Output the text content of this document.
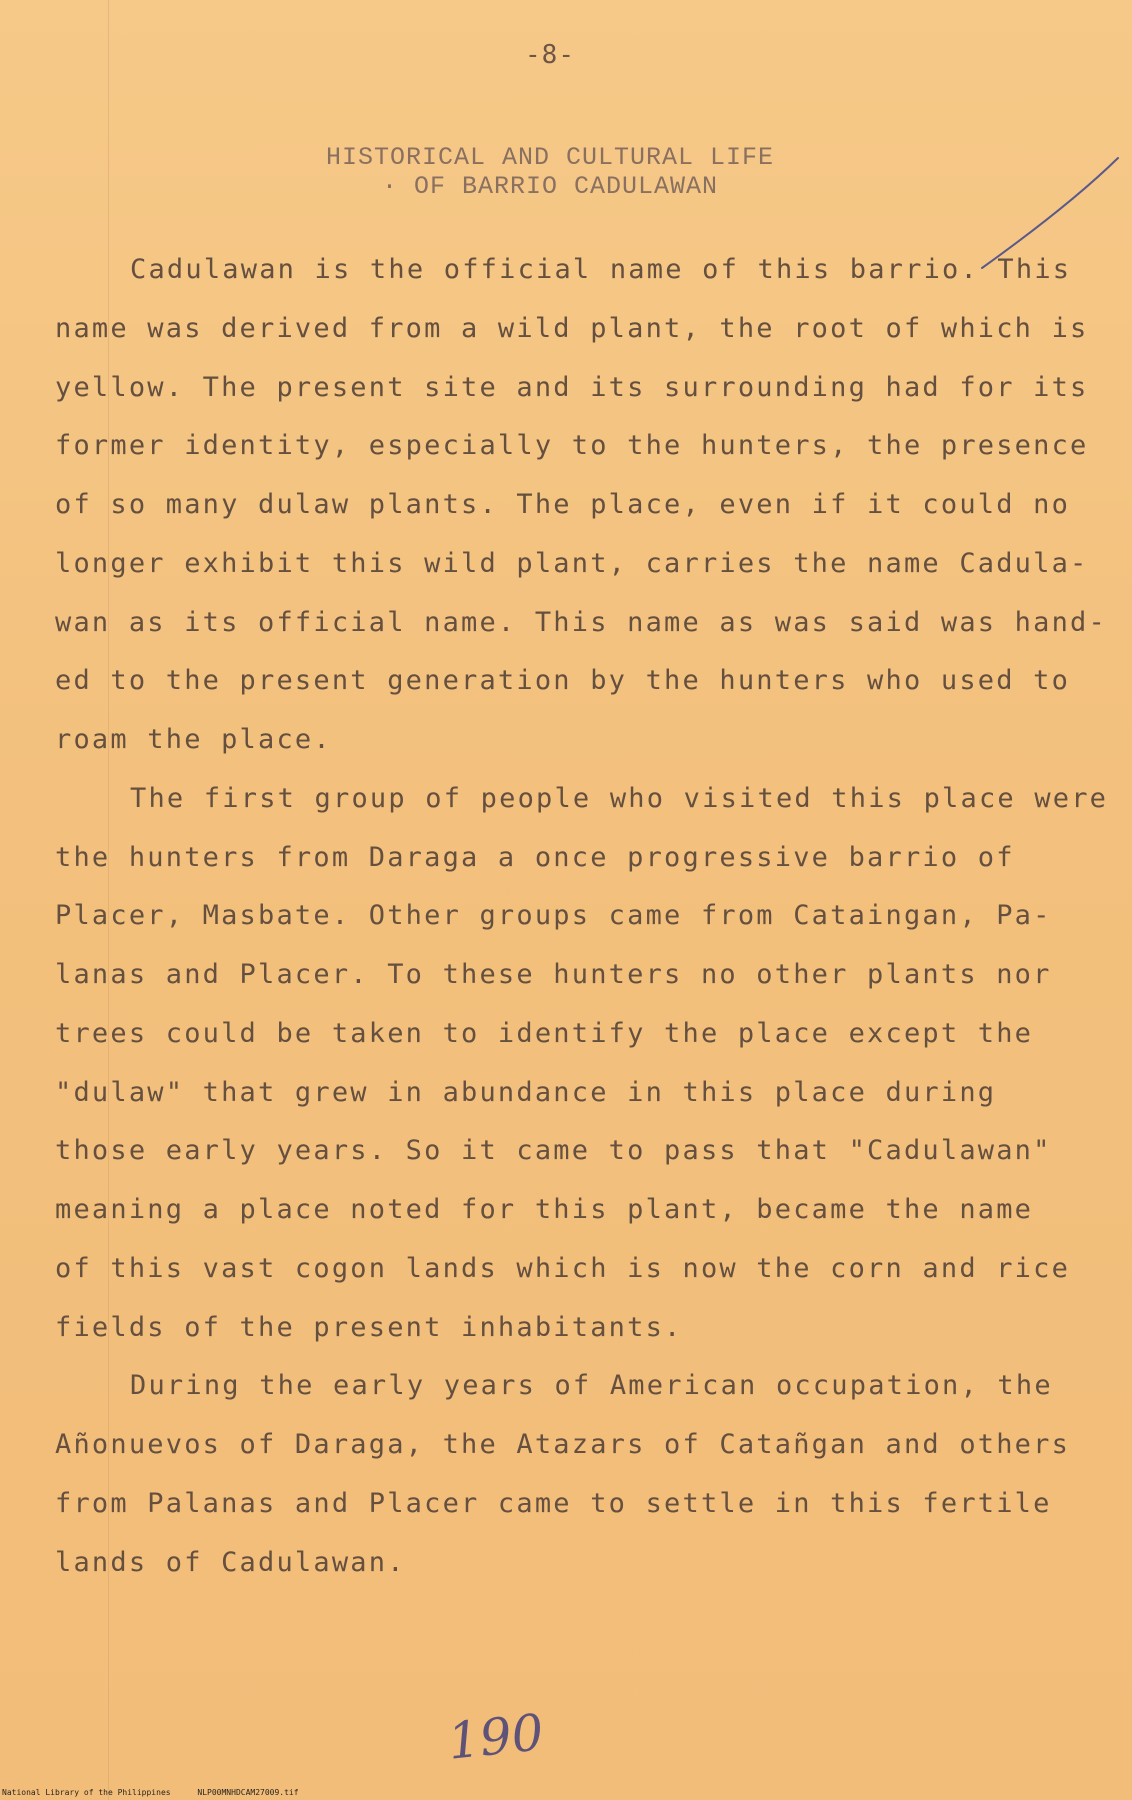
-8-
HISTORICAL AND CULTURAL LIFE
· OF BARRIO CADULAWAN
Cadulawan is the official name of this barrio. This
name was derived from a wild plant, the root of which is
yellow. The present site and its surrounding had for its
former identity, especially to the hunters, the presence
of so many dulaw plants. The place, even if it could no
longer exhibit this wild plant, carries the name Cadula-
wan as its official name. This name as was said was hand-
ed to the present generation by the hunters who used to
roam the place.
The first group of people who visited this place were
the hunters from Daraga a once progressive barrio of
Placer, Masbate. Other groups came from Cataingan, Pa-
lanas and Placer. To these hunters no other plants nor
trees could be taken to identify the place except the
"dulaw" that grew in abundance in this place during
those early years. So it came to pass that "Cadulawan"
meaning a place noted for this plant, became the name
of this vast cogon lands which is now the corn and rice
fields of the present inhabitants.
During the early years of American occupation, the
Añonuevos of Daraga, the Atazars of Catañgan and others
from Palanas and Placer came to settle in this fertile
lands of Cadulawan.
190
National Library of the Philippines	NLP00MNHDCAM27009.tif
